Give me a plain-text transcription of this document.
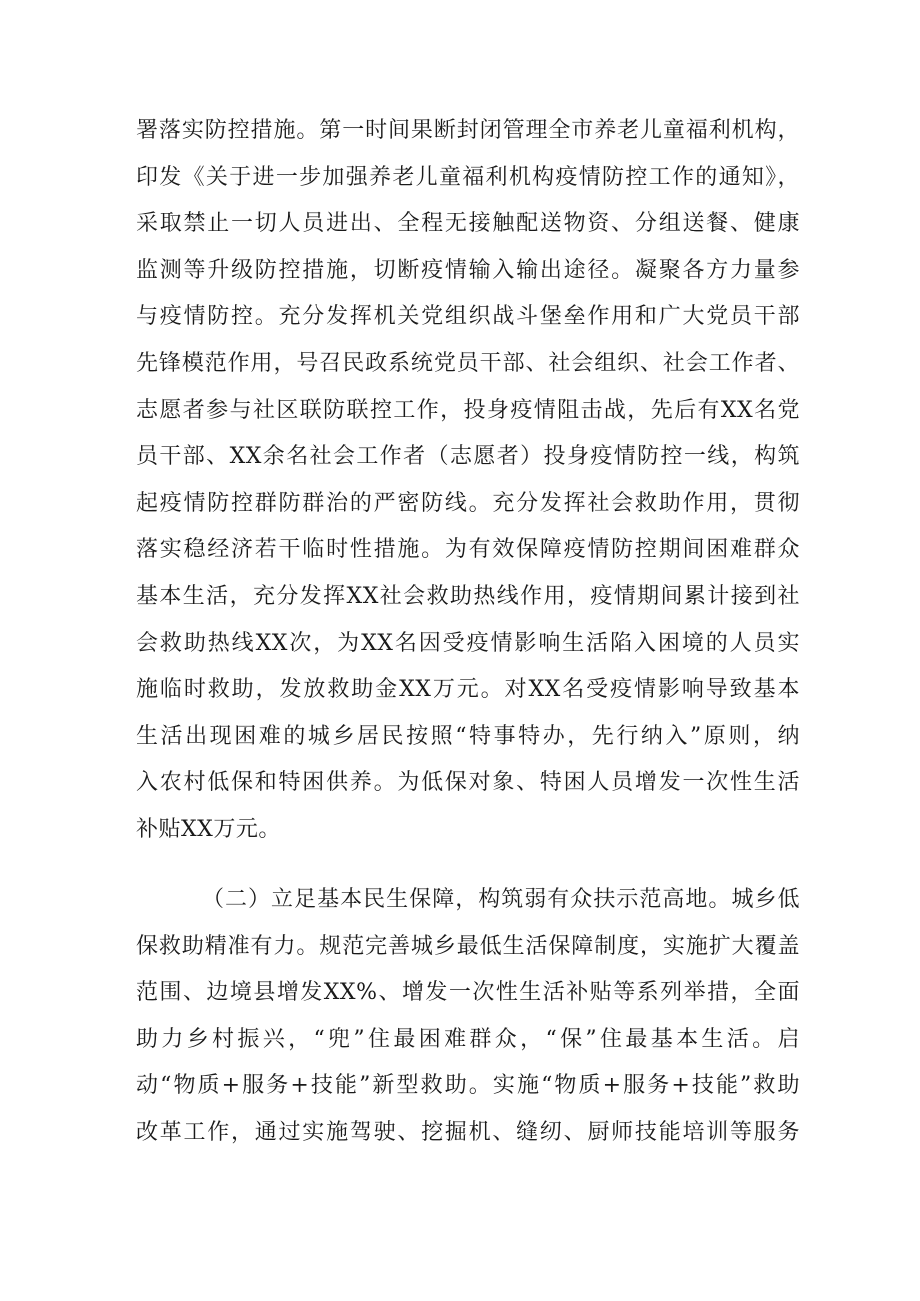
署落实防控措施。第一时间果断封闭管理全市养老儿童福利机构，
印发《关于进一步加强养老儿童福利机构疫情防控工作的通知》，
采取禁止一切人员进出、全程无接触配送物资、分组送餐、健康
监测等升级防控措施，切断疫情输入输出途径。凝聚各方力量参
与疫情防控。充分发挥机关党组织战斗堡垒作用和广大党员干部
先锋模范作用，号召民政系统党员干部、社会组织、社会工作者、
志愿者参与社区联防联控工作，投身疫情阻击战，先后有XX名党
员干部、XX余名社会工作者（志愿者）投身疫情防控一线，构筑
起疫情防控群防群治的严密防线。充分发挥社会救助作用，贯彻
落实稳经济若干临时性措施。为有效保障疫情防控期间困难群众
基本生活，充分发挥XX社会救助热线作用，疫情期间累计接到社
会救助热线XX次，为XX名因受疫情影响生活陷入困境的人员实
施临时救助，发放救助金XX万元。对XX名受疫情影响导致基本
生活出现困难的城乡居民按照“特事特办，先行纳入”原则，纳
入农村低保和特困供养。为低保对象、特困人员增发一次性生活
补贴XX万元。
（二）立足基本民生保障，构筑弱有众扶示范高地。城乡低
保救助精准有力。规范完善城乡最低生活保障制度，实施扩大覆盖
范围、边境县增发XX%、增发一次性生活补贴等系列举措，全面
助力乡村振兴，“兜”住最困难群众，“保”住最基本生活。启
动“物质+服务+技能”新型救助。实施“物质+服务+技能”救助
改革工作，通过实施驾驶、挖掘机、缝纫、厨师技能培训等服务
